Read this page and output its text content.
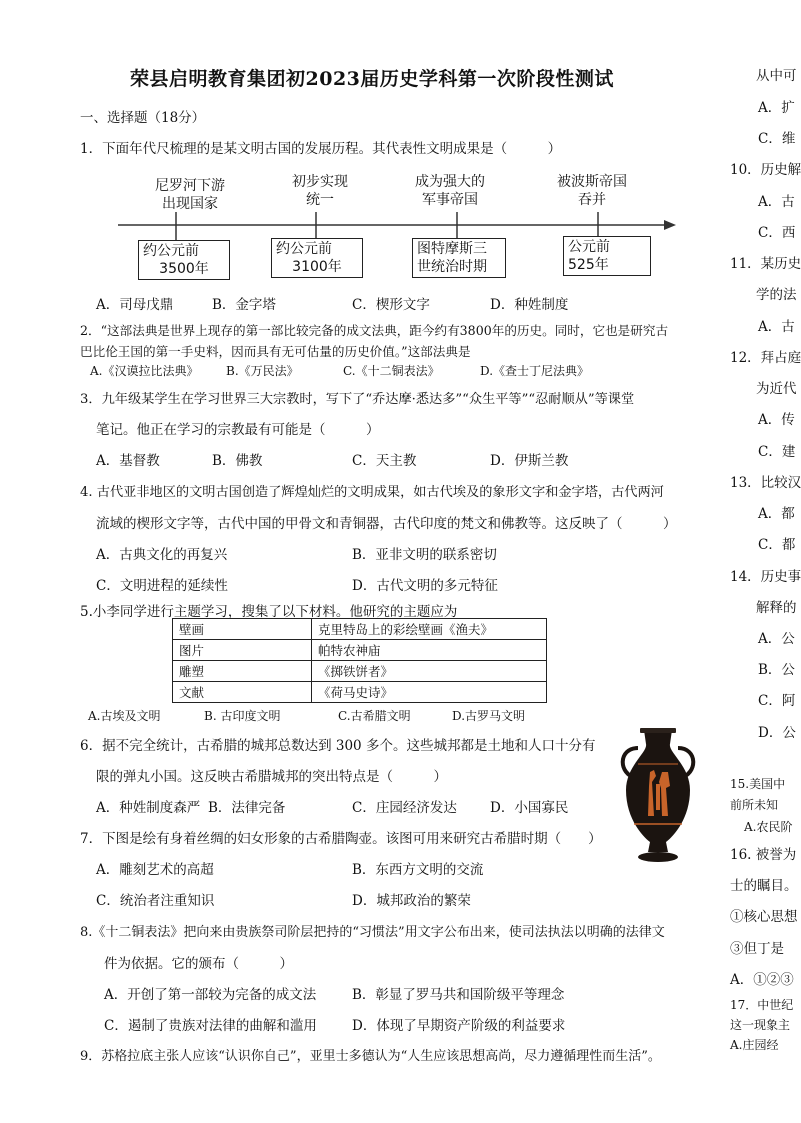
荣县启明教育集团初2023届历史学科第一次阶段性测试
一、选择题（18分）
1．下面年代尺梳理的是某文明古国的发展历程。其代表性文明成果是（　　　）
尼罗河下游
出现国家
初步实现
统一
成为强大的
军事帝国
被波斯帝国
吞并
约公元前
3500年
约公元前
3100年
图特摩斯三
世统治时期
公元前
525年
A．司母戊鼎	B．金字塔	C．楔形文字	D．种姓制度
2．“这部法典是世界上现存的第一部比较完备的成文法典，距今约有3800年的历史。同时，它也是研究古
巴比伦王国的第一手史料，因而具有无可估量的历史价值。”这部法典是
A.《汉谟拉比法典》 B.《万民法》	C.《十二铜表法》	D.《查士丁尼法典》
3．九年级某学生在学习世界三大宗教时，写下了“乔达摩·悉达多”“众生平等”“忍耐顺从”等课堂
笔记。他正在学习的宗教最有可能是（　　　）
A．基督教	B．佛教	C．天主教	D．伊斯兰教
4. 古代亚非地区的文明古国创造了辉煌灿烂的文明成果，如古代埃及的象形文字和金字塔，古代两河
流域的楔形文字等，古代中国的甲骨文和青铜器，古代印度的梵文和佛教等。这反映了（　　　）
A．古典文化的再复兴	B．亚非文明的联系密切
C．文明进程的延续性	D．古代文明的多元特征
5.小李同学进行主题学习，搜集了以下材料。他研究的主题应为
壁画	克里特岛上的彩绘壁画《渔夫》
图片	帕特农神庙
雕塑	《掷铁饼者》
文献	《荷马史诗》
A.古埃及文明	B. 古印度文明	C.古希腊文明	D.古罗马文明
6．据不完全统计，古希腊的城邦总数达到 300 多个。这些城邦都是土地和人口十分有
限的弹丸小国。这反映古希腊城邦的突出特点是（　　　）
A．种姓制度森严 B．法律完备	C．庄园经济发达 D．小国寡民
7．下图是绘有身着丝绸的妇女形象的古希腊陶壶。该图可用来研究古希腊时期（　　）
A．雕刻艺术的高超	B．东西方文明的交流
C．统治者注重知识	D．城邦政治的繁荣
8.《十二铜表法》把向来由贵族祭司阶层把持的“习惯法”用文字公布出来，使司法执法以明确的法律文
件为依据。它的颁布（　　　）
A．开创了第一部较为完备的成文法	B．彰显了罗马共和国阶级平等理念
C．遏制了贵族对法律的曲解和滥用	D．体现了早期资产阶级的利益要求
9．苏格拉底主张人应该“认识你自己”，亚里士多德认为“人生应该思想高尚，尽力遵循理性而生活”。
从中可
A．扩
C．维
10．历史解
A．古
C．西
11．某历史
学的法
A．古
12．拜占庭
为近代
A．传
C．建
13．比较汉
A．都
C．都
14．历史事
解释的
A．公
B．公
C．阿
D．公
15.美国中
前所未知
A.农民阶
16. 被誉为
士的瞩目。
①核心思想
③但丁是
A．①②③
17．中世纪
这一现象主
A.庄园经
